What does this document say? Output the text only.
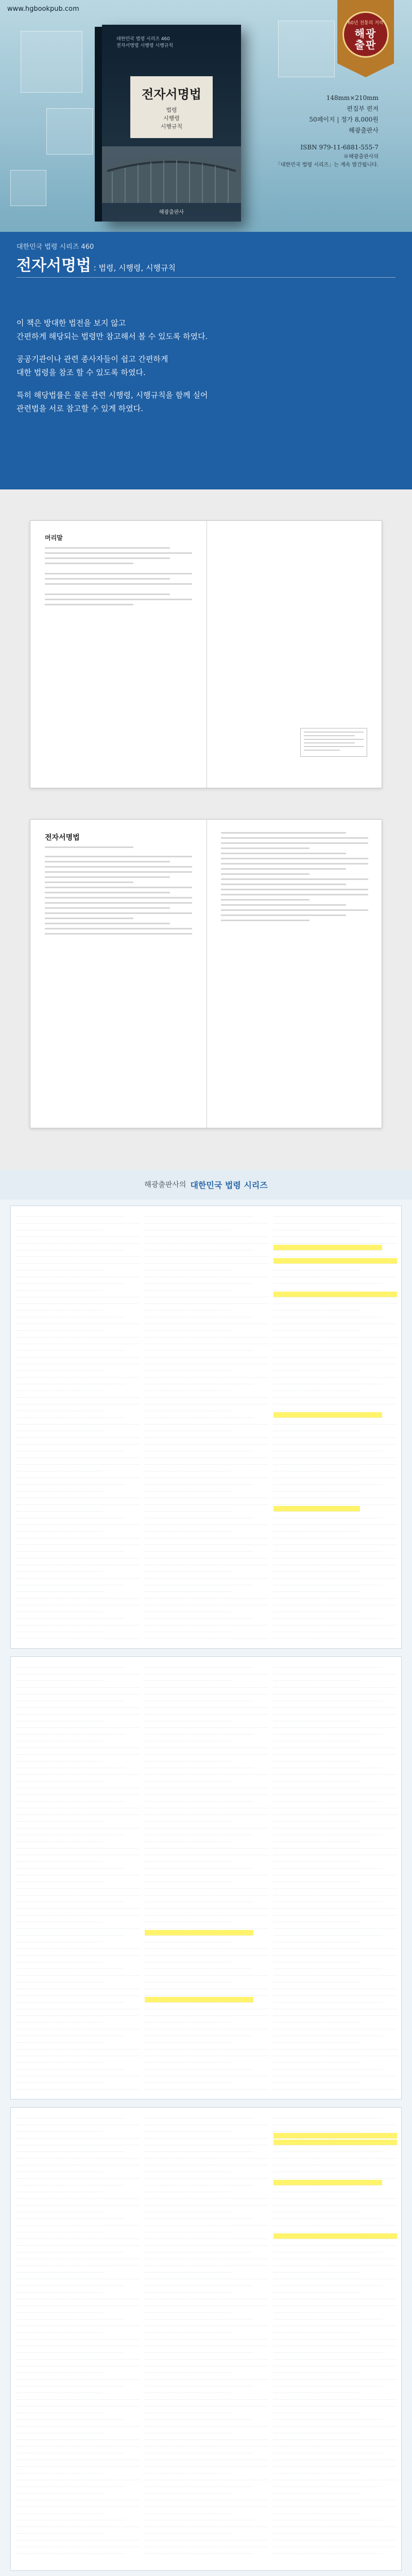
www.hgbookpub.com
60년 전통의 저력
해광
출판
대한민국 법령 시리즈 460
전자서명법 시행령 시행규칙
전자서명법
법령
시행령
시행규칙
해광출판사
148mm×210mm
편집부 편저
50페이지 | 정가 8,000원
해광출판사
ISBN 979-11-6881-555-7
※해광출판사의
「대한민국 법령 시리즈」는 계속 발간됩니다.
대한민국 법령 시리즈 460
전자서명법 : 법령, 시행령, 시행규칙

이 책은 방대한 법전을 보지 않고
간편하게 해당되는 법령만 참고해서 볼 수 있도록 하였다.

공공기관이나 관련 종사자들이 쉽고 간편하게
대한 법령을 참조 할 수 있도록 하였다.

특히 해당법률은 물론 관련 시행령, 시행규칙을 함께 실어
관련법을 서로 참고할 수 있게 하였다.

머리말
전자서명법
해광출판사의 대한민국 법령 시리즈
